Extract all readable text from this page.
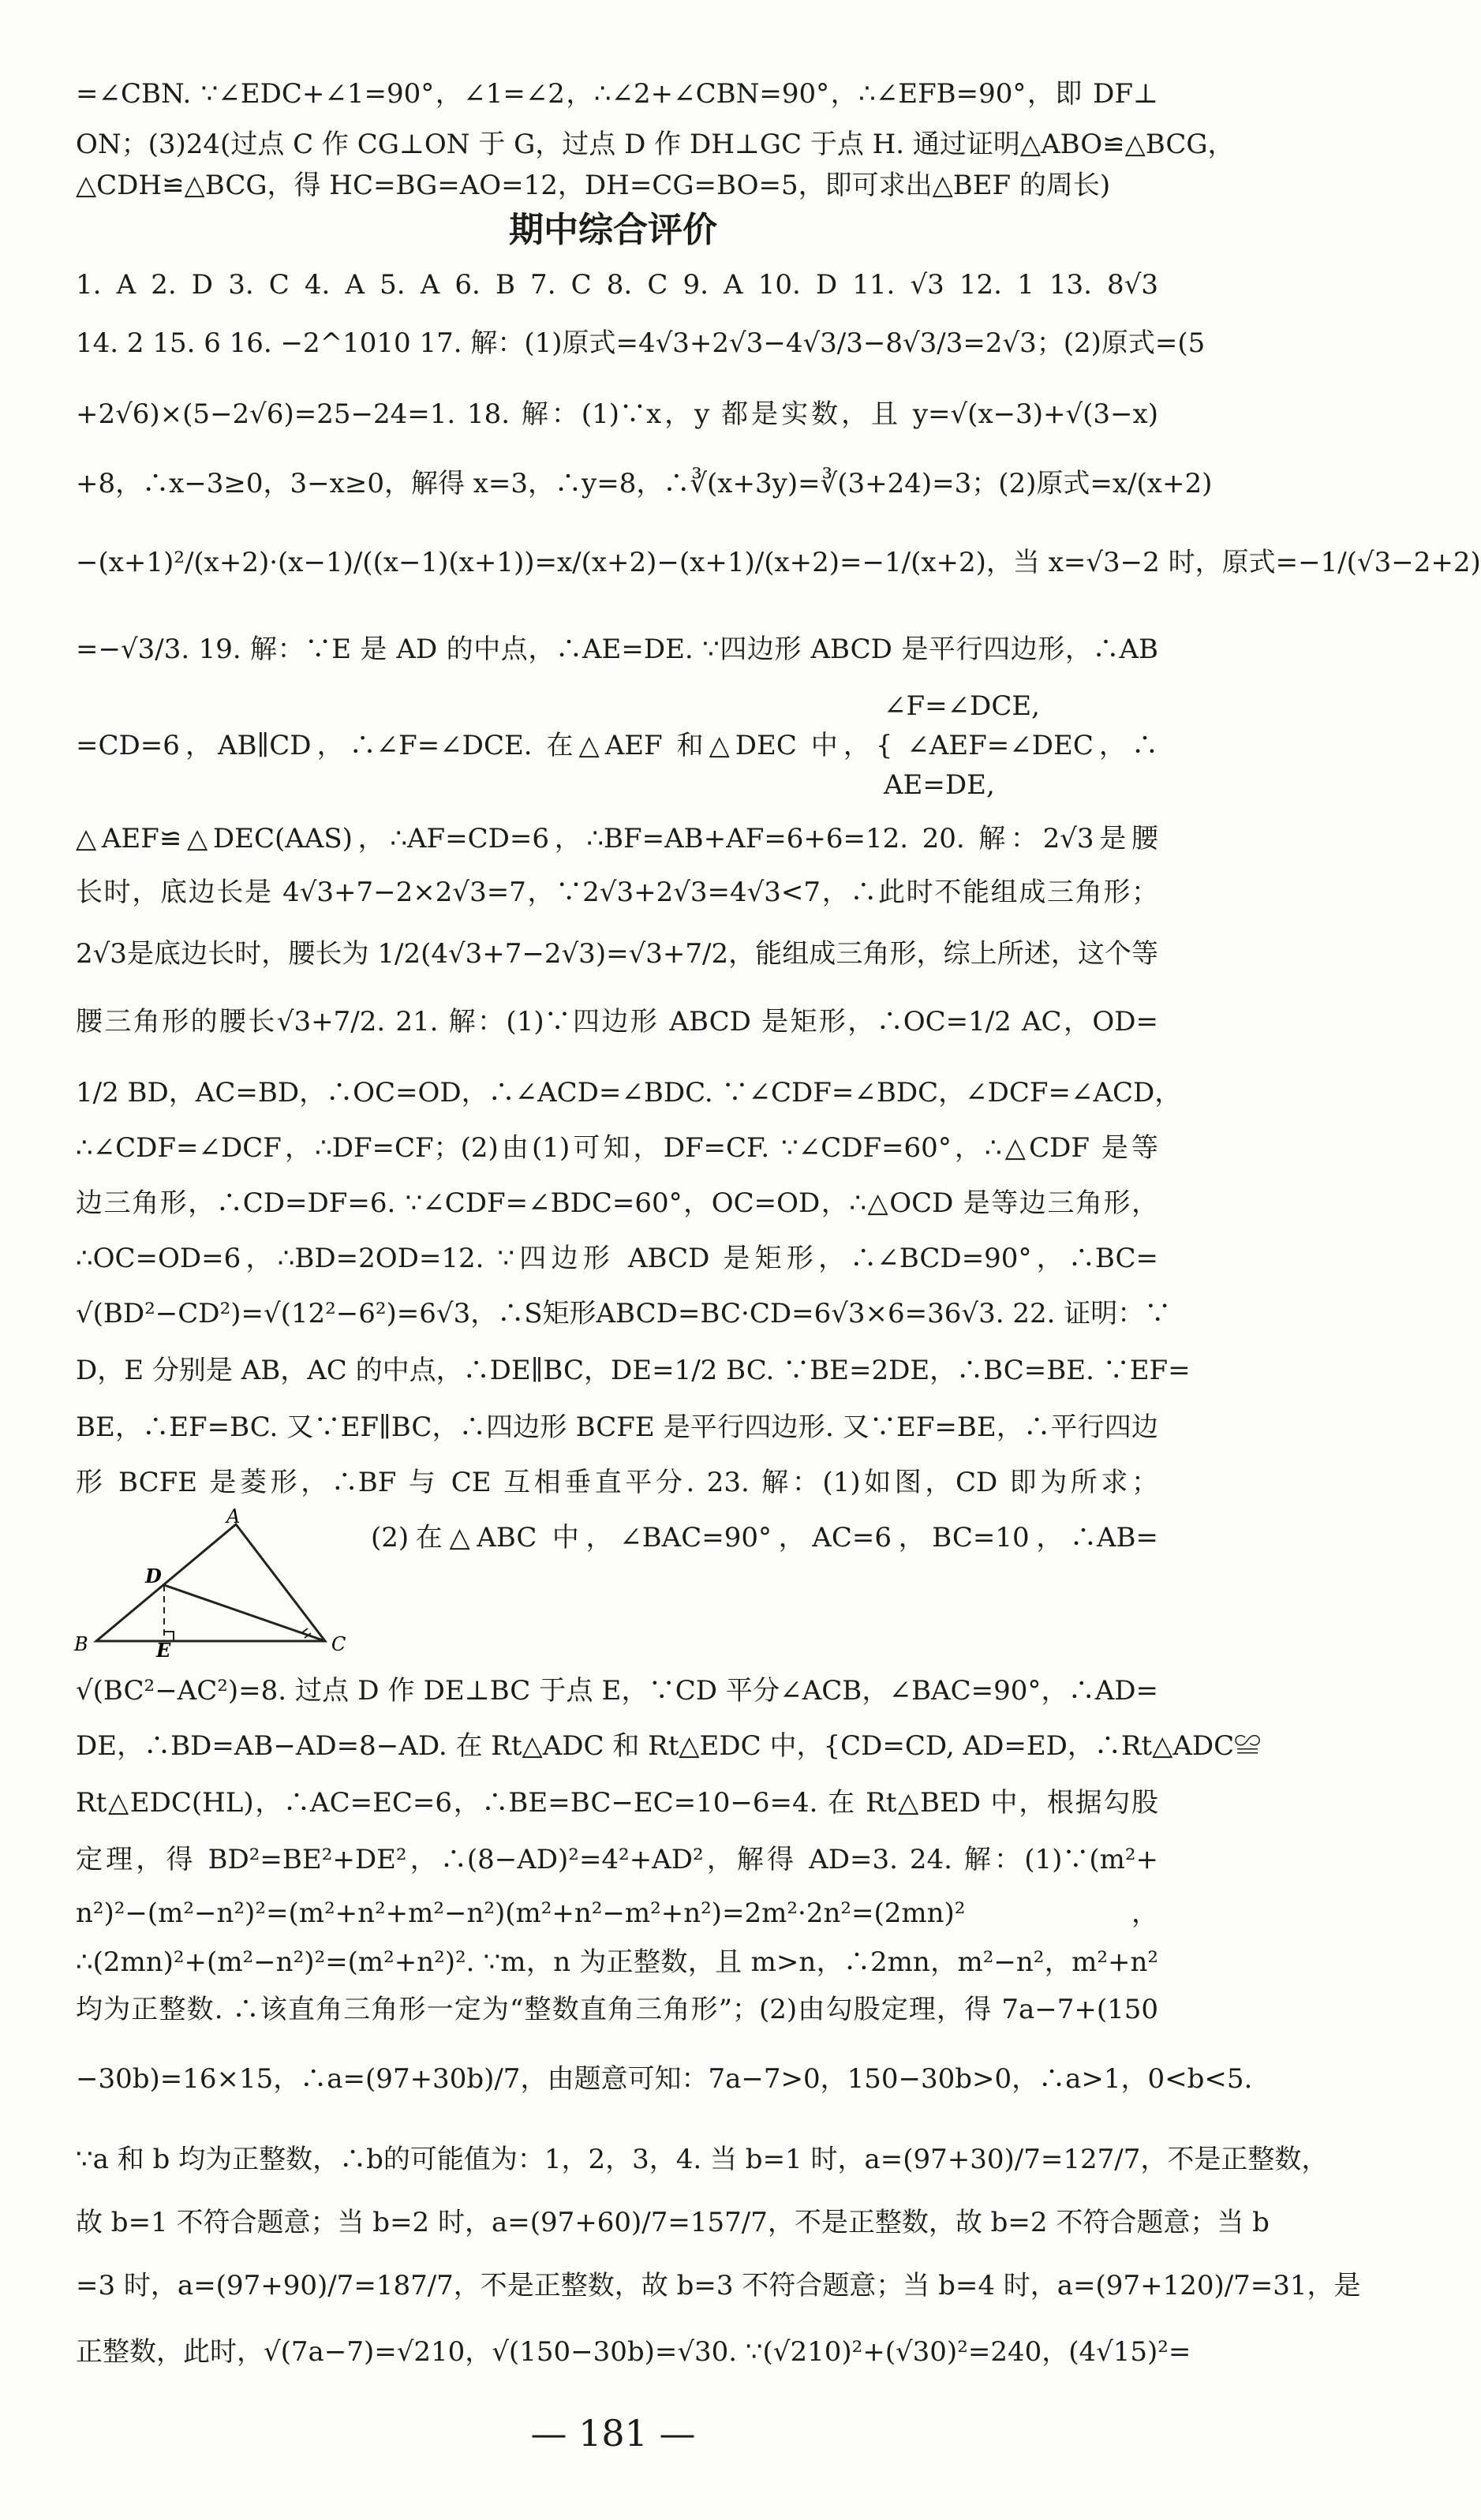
=∠CBN. ∵∠EDC+∠1=90°，∠1=∠2，∴∠2+∠CBN=90°，∴∠EFB=90°，即 DF⊥
ON；(3)24(过点 C 作 CG⊥ON 于 G，过点 D 作 DH⊥GC 于点 H. 通过证明△ABO≌△BCG，
△CDH≌△BCG，得 HC=BG=AO=12，DH=CG=BO=5，即可求出△BEF 的周长)
期中综合评价
1. A 2. D 3. C 4. A 5. A 6. B 7. C 8. C 9. A 10. D 11. √3 12. 1 13. 8√3
14. 2 15. 6 16. −2^1010 17. 解：(1)原式=4√3+2√3−4√3/3−8√3/3=2√3；(2)原式=(5
+2√6)×(5−2√6)=25−24=1. 18. 解：(1)∵x，y 都是实数，且 y=√(x−3)+√(3−x)
+8，∴x−3≥0，3−x≥0，解得 x=3，∴y=8，∴∛(x+3y)=∛(3+24)=3；(2)原式=x/(x+2)
−(x+1)²/(x+2)·(x−1)/((x−1)(x+1))=x/(x+2)−(x+1)/(x+2)=−1/(x+2)，当 x=√3−2 时，原式=−1/(√3−2+2)
=−√3/3. 19. 解：∵E 是 AD 的中点，∴AE=DE. ∵四边形 ABCD 是平行四边形，∴AB
∠F=∠DCE,
=CD=6，AB∥CD，∴∠F=∠DCE. 在△AEF 和△DEC 中，{ ∠AEF=∠DEC，∴
AE=DE,
△AEF≌△DEC(AAS)，∴AF=CD=6，∴BF=AB+AF=6+6=12. 20. 解：2√3是腰
长时，底边长是 4√3+7−2×2√3=7，∵2√3+2√3=4√3<7，∴此时不能组成三角形；
2√3是底边长时，腰长为 1/2(4√3+7−2√3)=√3+7/2，能组成三角形，综上所述，这个等
腰三角形的腰长√3+7/2. 21. 解：(1)∵四边形 ABCD 是矩形，∴OC=1/2 AC，OD=
1/2 BD，AC=BD，∴OC=OD，∴∠ACD=∠BDC. ∵∠CDF=∠BDC，∠DCF=∠ACD，
∴∠CDF=∠DCF，∴DF=CF；(2)由(1)可知，DF=CF. ∵∠CDF=60°，∴△CDF 是等
边三角形，∴CD=DF=6. ∵∠CDF=∠BDC=60°，OC=OD，∴△OCD 是等边三角形，
∴OC=OD=6，∴BD=2OD=12. ∵四边形 ABCD 是矩形，∴∠BCD=90°，∴BC=
√(BD²−CD²)=√(12²−6²)=6√3，∴S矩形ABCD=BC·CD=6√3×6=36√3. 22. 证明：∵
D，E 分别是 AB，AC 的中点，∴DE∥BC，DE=1/2 BC. ∵BE=2DE，∴BC=BE. ∵EF=
BE，∴EF=BC. 又∵EF∥BC，∴四边形 BCFE 是平行四边形. 又∵EF=BE，∴平行四边
形 BCFE 是菱形，∴BF 与 CE 互相垂直平分. 23. 解：(1)如图，CD 即为所求；
(2)在△ABC 中，∠BAC=90°，AC=6，BC=10，∴AB=
A
B	C
D
E
√(BC²−AC²)=8. 过点 D 作 DE⊥BC 于点 E，∵CD 平分∠ACB，∠BAC=90°，∴AD=
DE，∴BD=AB−AD=8−AD. 在 Rt△ADC 和 Rt△EDC 中，{CD=CD, AD=ED，∴Rt△ADC≌
Rt△EDC(HL)，∴AC=EC=6，∴BE=BC−EC=10−6=4. 在 Rt△BED 中，根据勾股
定理，得 BD²=BE²+DE²，∴(8−AD)²=4²+AD²，解得 AD=3. 24. 解：(1)∵(m²+
n²)²−(m²−n²)²=(m²+n²+m²−n²)(m²+n²−m²+n²)=2m²·2n²=(2mn)²，
∴(2mn)²+(m²−n²)²=(m²+n²)². ∵m，n 为正整数，且 m>n，∴2mn，m²−n²，m²+n²
均为正整数. ∴该直角三角形一定为“整数直角三角形”；(2)由勾股定理，得 7a−7+(150
−30b)=16×15，∴a=(97+30b)/7，由题意可知：7a−7>0，150−30b>0，∴a>1，0<b<5.
∵a 和 b 均为正整数，∴b的可能值为：1，2，3，4. 当 b=1 时，a=(97+30)/7=127/7，不是正整数，
故 b=1 不符合题意；当 b=2 时，a=(97+60)/7=157/7，不是正整数，故 b=2 不符合题意；当 b
=3 时，a=(97+90)/7=187/7，不是正整数，故 b=3 不符合题意；当 b=4 时，a=(97+120)/7=31，是
正整数，此时，√(7a−7)=√210，√(150−30b)=√30. ∵(√210)²+(√30)²=240，(4√15)²=
— 181 —
